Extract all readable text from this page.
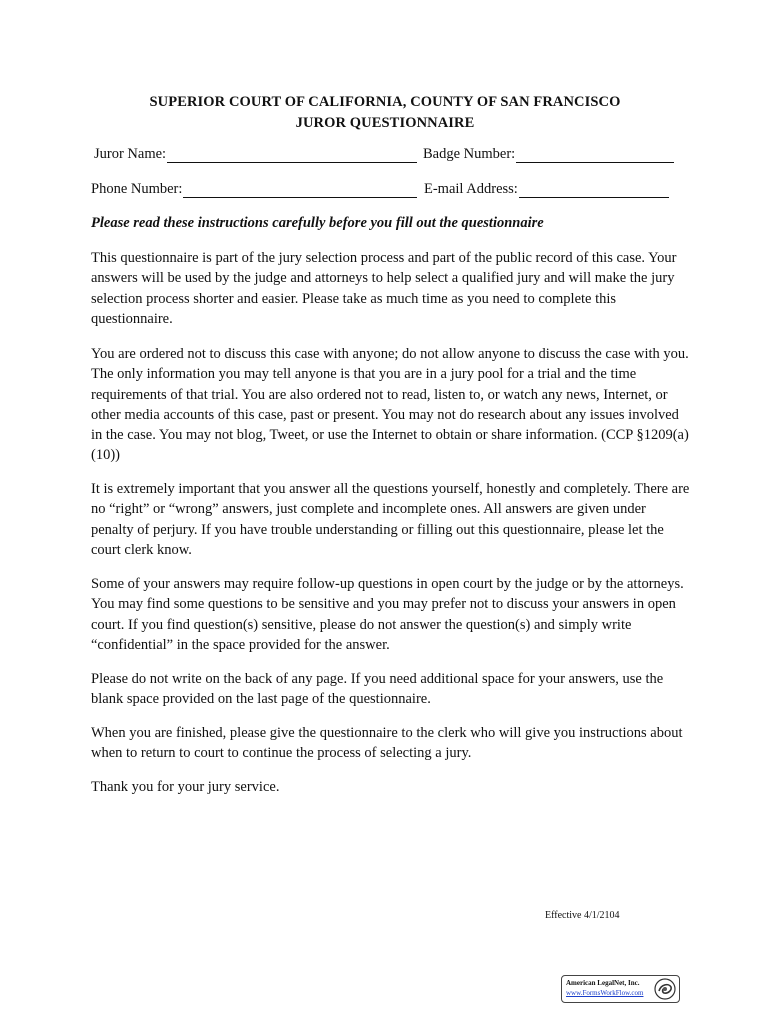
SUPERIOR COURT OF CALIFORNIA, COUNTY OF SAN FRANCISCO
JUROR QUESTIONNAIRE
Juror Name:	Badge Number:
Phone Number:	E-mail Address:
Please read these instructions carefully before you fill out the questionnaire
This questionnaire is part of the jury selection process and part of the public record of this case. Your answers will be used by the judge and attorneys to help select a qualified jury and will make the jury selection process shorter and easier. Please take as much time as you need to complete this questionnaire.
You are ordered not to discuss this case with anyone; do not allow anyone to discuss the case with you. The only information you may tell anyone is that you are in a jury pool for a trial and the time requirements of that trial. You are also ordered not to read, listen to, or watch any news, Internet, or other media accounts of this case, past or present. You may not do research about any issues involved in the case. You may not blog, Tweet, or use the Internet to obtain or share information. (CCP §1209(a)(10))
It is extremely important that you answer all the questions yourself, honestly and completely. There are no “right” or “wrong” answers, just complete and incomplete ones. All answers are given under penalty of perjury. If you have trouble understanding or filling out this questionnaire, please let the court clerk know.
Some of your answers may require follow-up questions in open court by the judge or by the attorneys. You may find some questions to be sensitive and you may prefer not to discuss your answers in open court. If you find question(s) sensitive, please do not answer the question(s) and simply write “confidential” in the space provided for the answer.
Please do not write on the back of any page. If you need additional space for your answers, use the blank space provided on the last page of the questionnaire.
When you are finished, please give the questionnaire to the clerk who will give you instructions about when to return to court to continue the process of selecting a jury.
Thank you for your jury service.
Effective 4/1/2104
American LegalNet, Inc.
www.FormsWorkFlow.com
